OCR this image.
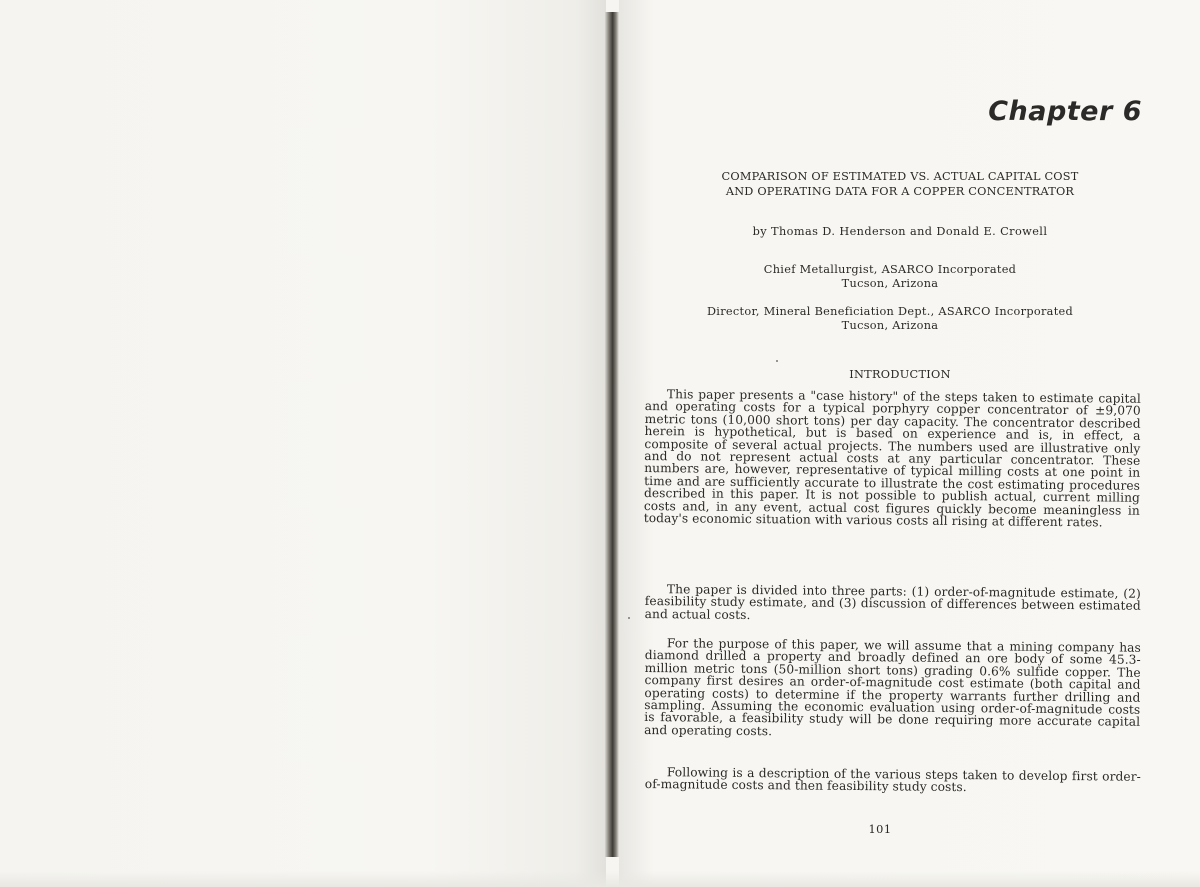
Chapter 6
COMPARISON OF ESTIMATED VS. ACTUAL CAPITAL COST
AND OPERATING DATA FOR A COPPER CONCENTRATOR
by Thomas D. Henderson and Donald E. Crowell
Chief Metallurgist, ASARCO Incorporated
Tucson, Arizona
Director, Mineral Beneficiation Dept., ASARCO Incorporated
Tucson, Arizona
INTRODUCTION
This paper presents a "case history" of the steps taken to estimate capital and operating costs for a typical porphyry copper concentrator of ±9,070 metric tons (10,000 short tons) per day capacity. The concentrator described herein is hypothetical, but is based on experience and is, in effect, a composite of several actual projects. The numbers used are illustrative only and do not represent actual costs at any particular concentrator. These numbers are, however, representative of typical milling costs at one point in time and are sufficiently accurate to illustrate the cost estimating procedures described in this paper. It is not possible to publish actual, current milling costs and, in any event, actual cost figures quickly become meaningless in today's economic situation with various costs all rising at different rates.
The paper is divided into three parts: (1) order-of-magnitude estimate, (2) feasibility study estimate, and (3) discussion of differences between estimated and actual costs.
For the purpose of this paper, we will assume that a mining company has diamond drilled a property and broadly defined an ore body of some 45.3-million metric tons (50-million short tons) grading 0.6% sulfide copper. The company first desires an order-of-magnitude cost estimate (both capital and operating costs) to determine if the property warrants further drilling and sampling. Assuming the economic evaluation using order-of-magnitude costs is favorable, a feasibility study will be done requiring more accurate capital and operating costs.
Following is a description of the various steps taken to develop first order-of-magnitude costs and then feasibility study costs.
101
